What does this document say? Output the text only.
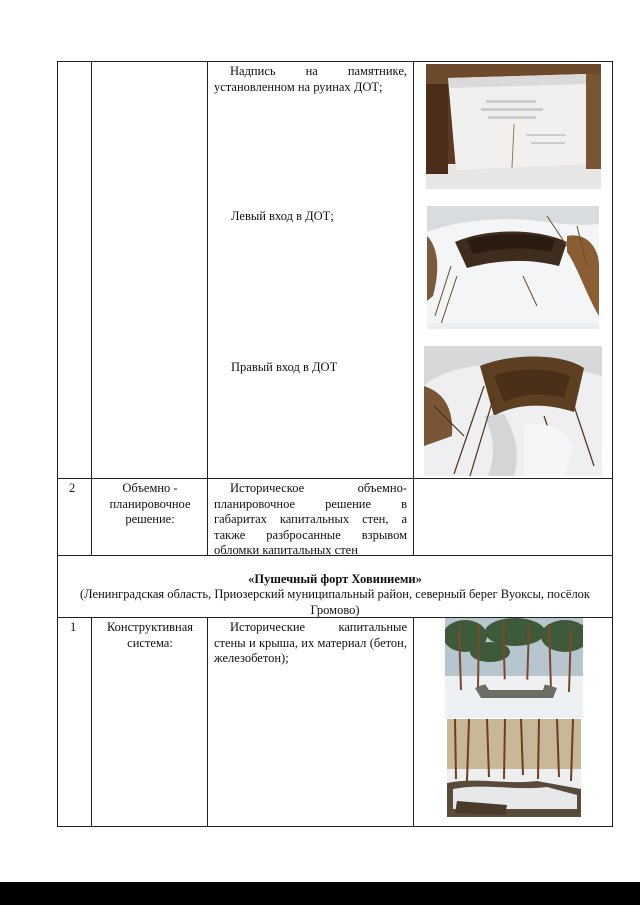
Надпись на памятнике, установленном на руинах ДОТ;
Левый вход в ДОТ;
Правый вход в ДОТ
2	Объемно - планировочное решение:
Историческое объемно-планировочное решение в габаритах капитальных стен, а также разбросанные взрывом обломки капитальных стен
«Пушечный форт Ховиниеми»
(Ленинградская область, Приозерский муниципальный район, северный берег Вуоксы, посёлок Громово)
1	Конструктивная система:
Исторические капитальные стены и крыша, их материал (бетон, железобетон);
